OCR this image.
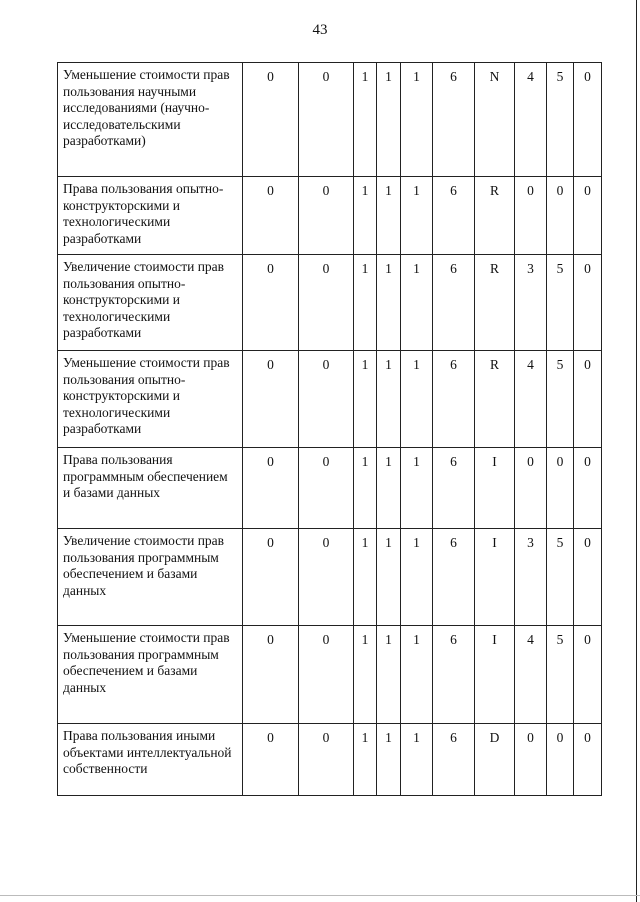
43
Уменьшение стоимости прав пользования научными исследованиями (научно-исследовательскими разработками)	0	0	1	1	1	6	N	4	5	0
Права пользования опытно-конструкторскими и технологическими разработками	0	0	1	1	1	6	R	0	0	0
Увеличение стоимости прав пользования опытно-конструкторскими и технологическими разработками	0	0	1	1	1	6	R	3	5	0
Уменьшение стоимости прав пользования опытно-конструкторскими и технологическими разработками	0	0	1	1	1	6	R	4	5	0
Права пользования программным обеспечением и базами данных	0	0	1	1	1	6	I	0	0	0
Увеличение стоимости прав пользования программным обеспечением и базами данных	0	0	1	1	1	6	I	3	5	0
Уменьшение стоимости прав пользования программным обеспечением и базами данных	0	0	1	1	1	6	I	4	5	0
Права пользования иными объектами интеллектуальной собственности	0	0	1	1	1	6	D	0	0	0
